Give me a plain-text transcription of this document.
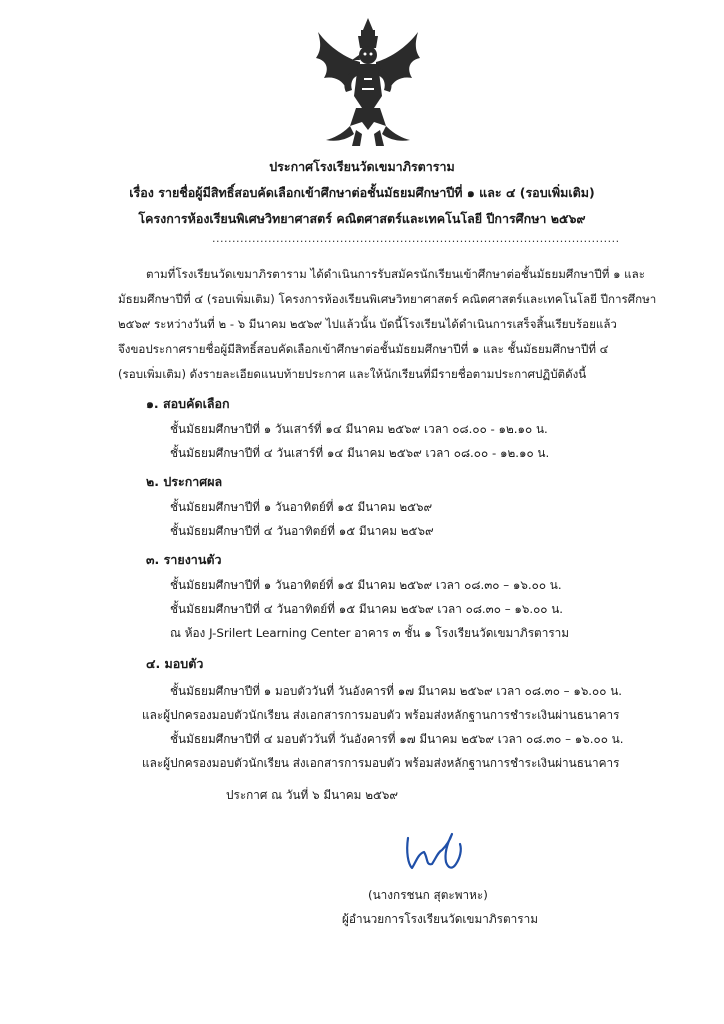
ประกาศโรงเรียนวัดเขมาภิรตาราม
เรื่อง รายชื่อผู้มีสิทธิ์สอบคัดเลือกเข้าศึกษาต่อชั้นมัธยมศึกษาปีที่ ๑ และ ๔ (รอบเพิ่มเติม)
โครงการห้องเรียนพิเศษวิทยาศาสตร์ คณิตศาสตร์และเทคโนโลยี ปีการศึกษา ๒๕๖๙
......................................................................................................
ตามที่โรงเรียนวัดเขมาภิรตาราม ได้ดำเนินการรับสมัครนักเรียนเข้าศึกษาต่อชั้นมัธยมศึกษาปีที่ ๑ และ
มัธยมศึกษาปีที่ ๔ (รอบเพิ่มเติม) โครงการห้องเรียนพิเศษวิทยาศาสตร์ คณิตศาสตร์และเทคโนโลยี ปีการศึกษา
๒๕๖๙ ระหว่างวันที่ ๒ - ๖ มีนาคม ๒๕๖๙ ไปแล้วนั้น บัดนี้โรงเรียนได้ดำเนินการเสร็จสิ้นเรียบร้อยแล้ว
จึงขอประกาศรายชื่อผู้มีสิทธิ์สอบคัดเลือกเข้าศึกษาต่อชั้นมัธยมศึกษาปีที่ ๑ และ ชั้นมัธยมศึกษาปีที่ ๔
(รอบเพิ่มเติม) ดังรายละเอียดแนบท้ายประกาศ และให้นักเรียนที่มีรายชื่อตามประกาศปฏิบัติดังนี้
๑. สอบคัดเลือก
ชั้นมัธยมศึกษาปีที่ ๑ วันเสาร์ที่ ๑๔ มีนาคม ๒๕๖๙ เวลา ๐๘.๐๐ - ๑๒.๑๐ น.
ชั้นมัธยมศึกษาปีที่ ๔ วันเสาร์ที่ ๑๔ มีนาคม ๒๕๖๙ เวลา ๐๘.๐๐ - ๑๒.๑๐ น.
๒. ประกาศผล
ชั้นมัธยมศึกษาปีที่ ๑ วันอาทิตย์ที่ ๑๕ มีนาคม ๒๕๖๙
ชั้นมัธยมศึกษาปีที่ ๔ วันอาทิตย์ที่ ๑๕ มีนาคม ๒๕๖๙
๓. รายงานตัว
ชั้นมัธยมศึกษาปีที่ ๑ วันอาทิตย์ที่ ๑๕ มีนาคม ๒๕๖๙ เวลา ๐๘.๓๐ – ๑๖.๐๐ น.
ชั้นมัธยมศึกษาปีที่ ๔ วันอาทิตย์ที่ ๑๕ มีนาคม ๒๕๖๙ เวลา ๐๘.๓๐ – ๑๖.๐๐ น.
ณ ห้อง J-Srilert Learning Center อาคาร ๓ ชั้น ๑ โรงเรียนวัดเขมาภิรตาราม
๔. มอบตัว
ชั้นมัธยมศึกษาปีที่ ๑ มอบตัววันที่ วันอังคารที่ ๑๗ มีนาคม ๒๕๖๙ เวลา ๐๘.๓๐ – ๑๖.๐๐ น.
และผู้ปกครองมอบตัวนักเรียน ส่งเอกสารการมอบตัว พร้อมส่งหลักฐานการชำระเงินผ่านธนาคาร
ชั้นมัธยมศึกษาปีที่ ๔ มอบตัววันที่ วันอังคารที่ ๑๗ มีนาคม ๒๕๖๙ เวลา ๐๘.๓๐ – ๑๖.๐๐ น.
และผู้ปกครองมอบตัวนักเรียน ส่งเอกสารการมอบตัว พร้อมส่งหลักฐานการชำระเงินผ่านธนาคาร
ประกาศ ณ วันที่ ๖ มีนาคม ๒๕๖๙
(นางกรชนก สุตะพาหะ)
ผู้อำนวยการโรงเรียนวัดเขมาภิรตาราม
